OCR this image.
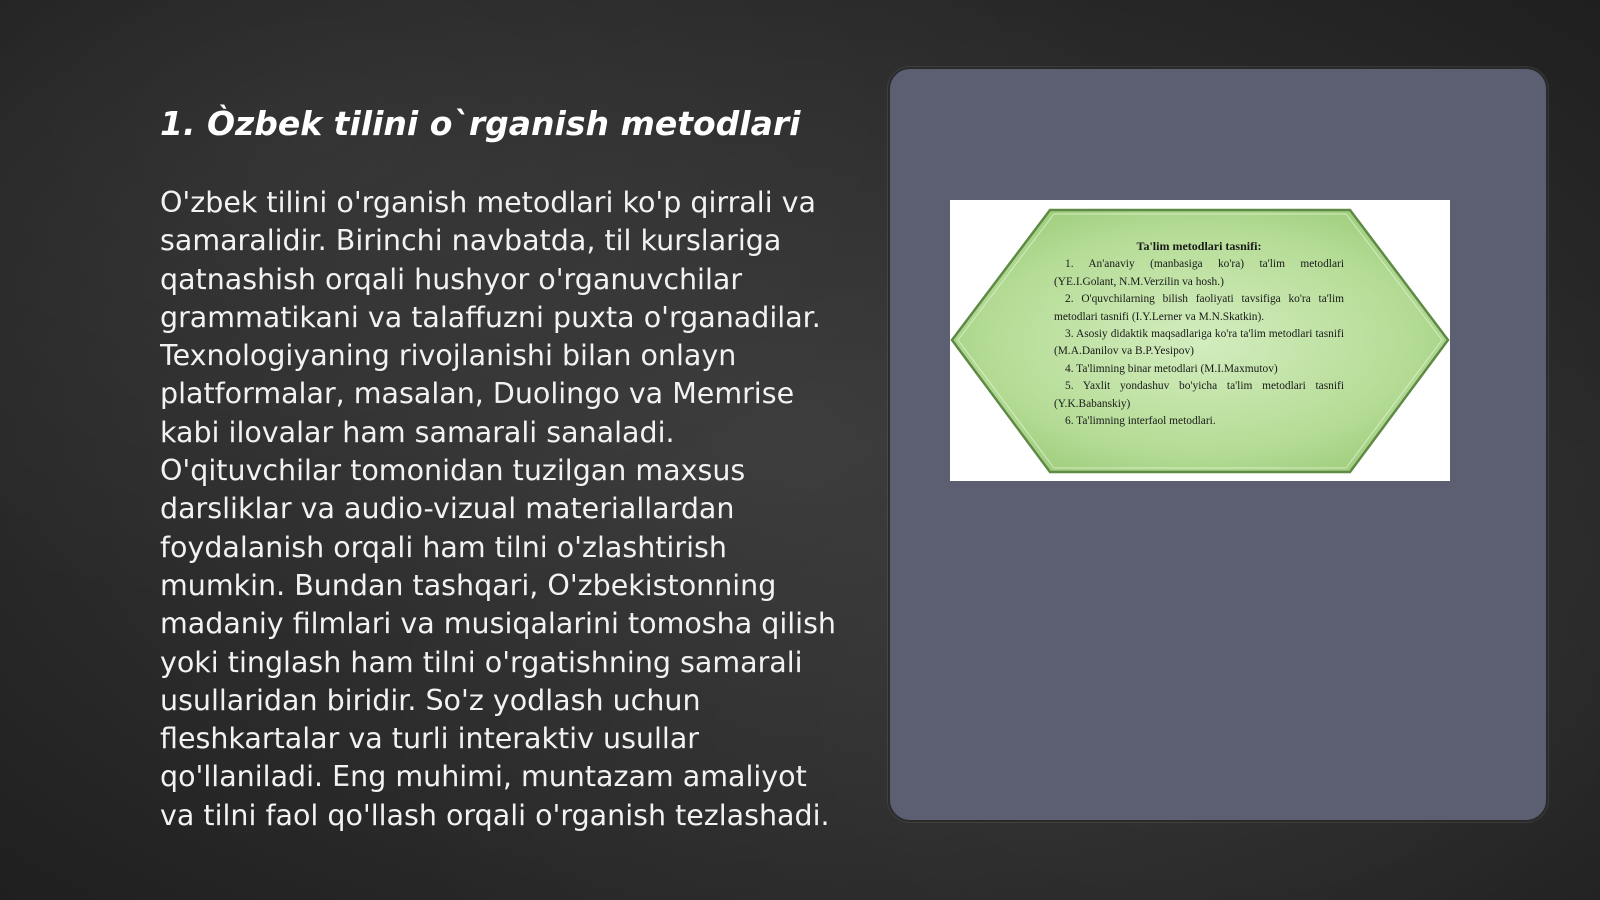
1. Òzbek tilini o`rganish metodlari

O'zbek tilini o'rganish metodlari ko'p qirrali va samaralidir. Birinchi navbatda, til kurslariga qatnashish orqali hushyor o'rganuvchilar grammatikani va talaffuzni puxta o'rganadilar. Texnologiyaning rivojlanishi bilan onlayn platformalar, masalan, Duolingo va Memrise kabi ilovalar ham samarali sanaladi. O'qituvchilar tomonidan tuzilgan maxsus darsliklar va audio-vizual materiallardan foydalanish orqali ham tilni o'zlashtirish mumkin. Bundan tashqari, O'zbekistonning madaniy filmlari va musiqalarini tomosha qilish yoki tinglash ham tilni o'rgatishning samarali usullaridan biridir. So'z yodlash uchun fleshkartalar va turli interaktiv usullar qo'llaniladi. Eng muhimi, muntazam amaliyot va tilni faol qo'llash orqali o'rganish tezlashadi.

Ta'lim metodlari tasnifi:
1. An'anaviy (manbasiga ko'ra) ta'lim metodlari (YE.I.Golant, N.M.Verzilin va hosh.)
2. O'quvchilarning bilish faoliyati tavsifiga ko'ra ta'lim metodlari tasnifi (I.Y.Lerner va M.N.Skatkin).
3. Asosiy didaktik maqsadlariga ko'ra ta'lim metodlari tasnifi (M.A.Danilov va B.P.Yesipov)
4. Ta'limning binar metodlari (M.I.Maxmutov)
5. Yaxlit yondashuv bo'yicha ta'lim metodlari tasnifi (Y.K.Babanskiy)
6. Ta'limning interfaol metodlari.
